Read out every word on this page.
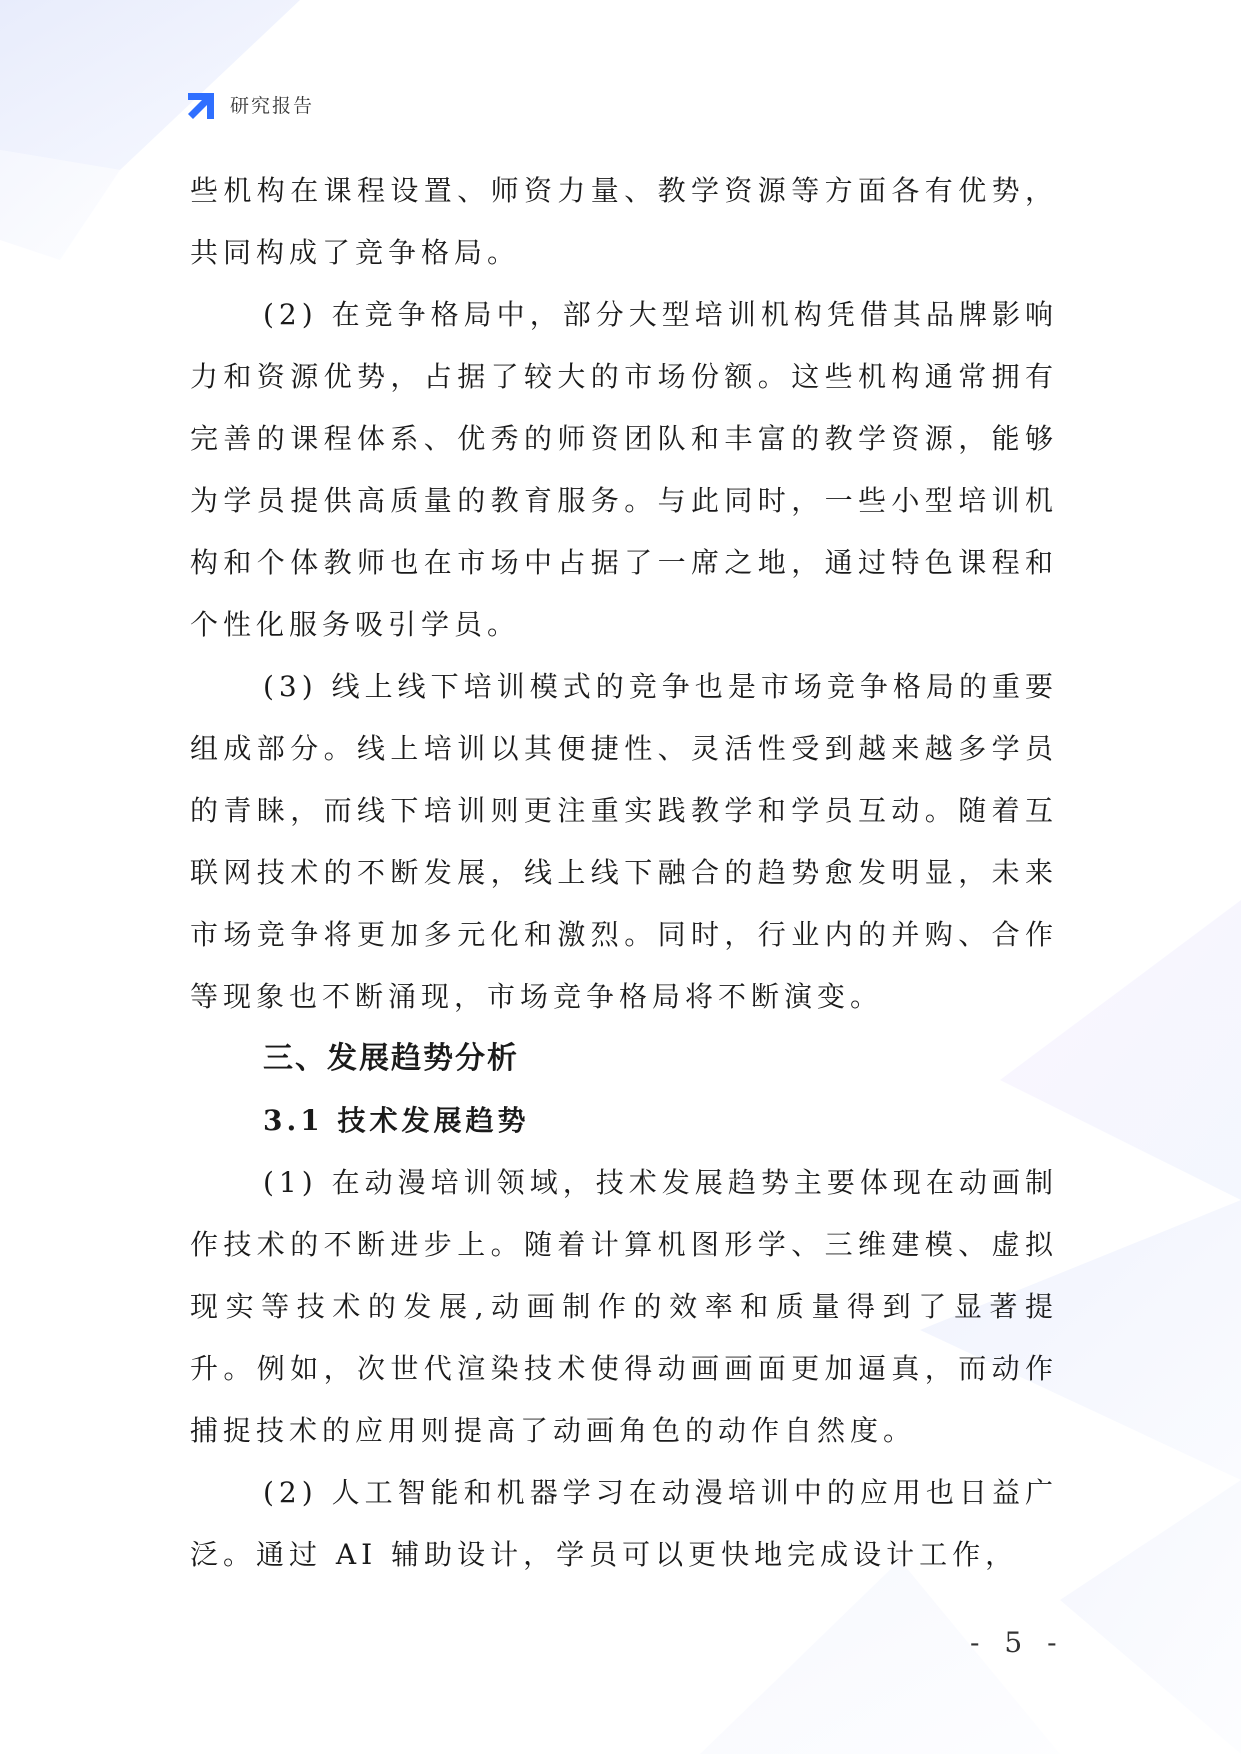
研究报告

些机构在课程设置、师资力量、教学资源等方面各有优势，共同构成了竞争格局。

(2) 在竞争格局中，部分大型培训机构凭借其品牌影响力和资源优势，占据了较大的市场份额。这些机构通常拥有完善的课程体系、优秀的师资团队和丰富的教学资源，能够为学员提供高质量的教育服务。与此同时，一些小型培训机构和个体教师也在市场中占据了一席之地，通过特色课程和个性化服务吸引学员。

(3) 线上线下培训模式的竞争也是市场竞争格局的重要组成部分。线上培训以其便捷性、灵活性受到越来越多学员的青睐，而线下培训则更注重实践教学和学员互动。随着互联网技术的不断发展，线上线下融合的趋势愈发明显，未来市场竞争将更加多元化和激烈。同时，行业内的并购、合作等现象也不断涌现，市场竞争格局将不断演变。

三、发展趋势分析
3.1 技术发展趋势

(1) 在动漫培训领域，技术发展趋势主要体现在动画制作技术的不断进步上。随着计算机图形学、三维建模、虚拟现实等技术的发展,动画制作的效率和质量得到了显著提升。例如，次世代渲染技术使得动画画面更加逼真，而动作捕捉技术的应用则提高了动画角色的动作自然度。

(2) 人工智能和机器学习在动漫培训中的应用也日益广泛。通过 AI 辅助设计，学员可以更快地完成设计工作，

- 5 -
